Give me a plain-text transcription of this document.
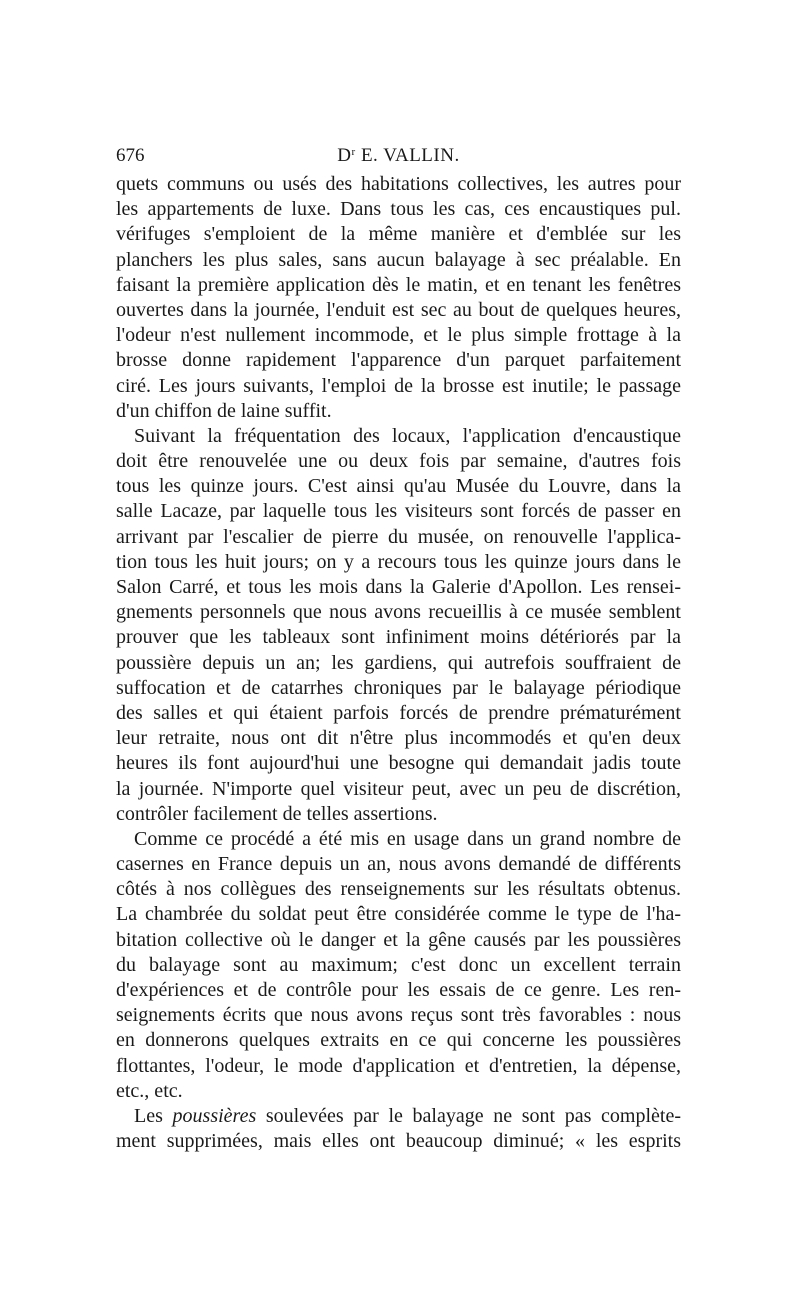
676	$D^r$ E. VALLIN.
quets communs ou usés des habitations collectives, les autres pour
les appartements de luxe. Dans tous les cas, ces encaustiques pul.
vérifuges s'emploient de la même manière et d'emblée sur les
planchers les plus sales, sans aucun balayage à sec préalable. En
faisant la première application dès le matin, et en tenant les fenêtres
ouvertes dans la journée, l'enduit est sec au bout de quelques heures,
l'odeur n'est nullement incommode, et le plus simple frottage à la
brosse donne rapidement l'apparence d'un parquet parfaitement
ciré. Les jours suivants, l'emploi de la brosse est inutile; le passage
d'un chiffon de laine suffit.
Suivant la fréquentation des locaux, l'application d'encaustique
doit être renouvelée une ou deux fois par semaine, d'autres fois
tous les quinze jours. C'est ainsi qu'au Musée du Louvre, dans la
salle Lacaze, par laquelle tous les visiteurs sont forcés de passer en
arrivant par l'escalier de pierre du musée, on renouvelle l'applica-
tion tous les huit jours; on y a recours tous les quinze jours dans le
Salon Carré, et tous les mois dans la Galerie d'Apollon. Les rensei-
gnements personnels que nous avons recueillis à ce musée semblent
prouver que les tableaux sont infiniment moins détériorés par la
poussière depuis un an; les gardiens, qui autrefois souffraient de
suffocation et de catarrhes chroniques par le balayage périodique
des salles et qui étaient parfois forcés de prendre prématurément
leur retraite, nous ont dit n'être plus incommodés et qu'en deux
heures ils font aujourd'hui une besogne qui demandait jadis toute
la journée. N'importe quel visiteur peut, avec un peu de discrétion,
contrôler facilement de telles assertions.
Comme ce procédé a été mis en usage dans un grand nombre de
casernes en France depuis un an, nous avons demandé de différents
côtés à nos collègues des renseignements sur les résultats obtenus.
La chambrée du soldat peut être considérée comme le type de l'ha-
bitation collective où le danger et la gêne causés par les poussières
du balayage sont au maximum; c'est donc un excellent terrain
d'expériences et de contrôle pour les essais de ce genre. Les ren-
seignements écrits que nous avons reçus sont très favorables : nous
en donnerons quelques extraits en ce qui concerne les poussières
flottantes, l'odeur, le mode d'application et d'entretien, la dépense,
etc., etc.
Les poussières soulevées par le balayage ne sont pas complète-
ment supprimées, mais elles ont beaucoup diminué; « les esprits
